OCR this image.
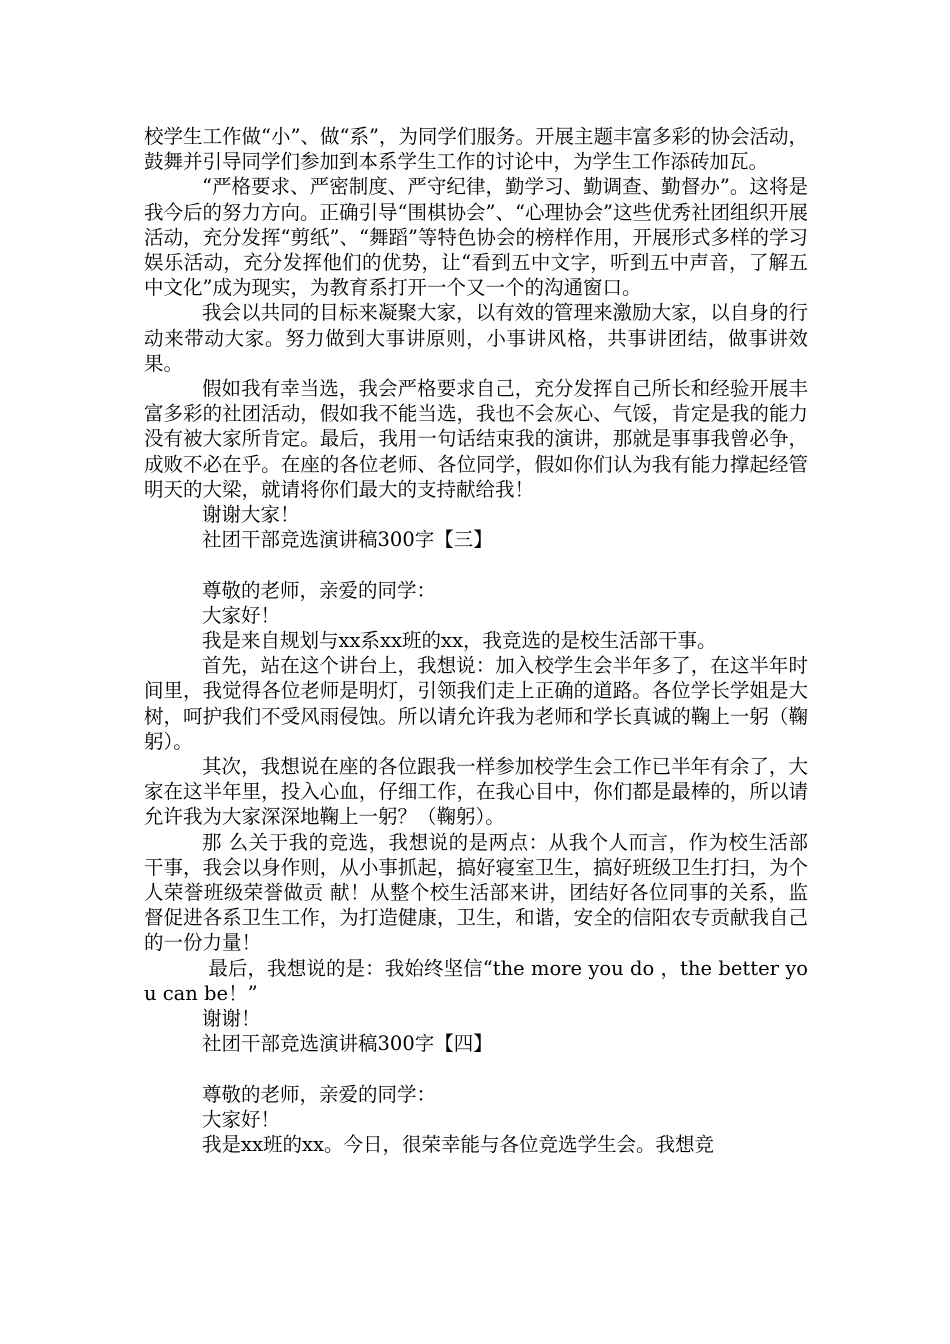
校学生工作做“小”、做“系”，为同学们服务。开展主题丰富多彩的协会活动，鼓舞并引导同学们参加到本系学生工作的讨论中，为学生工作添砖加瓦。

“严格要求、严密制度、严守纪律，勤学习、勤调查、勤督办”。这将是我今后的努力方向。正确引导“围棋协会”、“心理协会”这些优秀社团组织开展活动，充分发挥“剪纸”、“舞蹈”等特色协会的榜样作用，开展形式多样的学习娱乐活动，充分发挥他们的优势，让“看到五中文字，听到五中声音，了解五中文化”成为现实，为教育系打开一个又一个的沟通窗口。

我会以共同的目标来凝聚大家，以有效的管理来激励大家，以自身的行动来带动大家。努力做到大事讲原则，小事讲风格，共事讲团结，做事讲效果。

假如我有幸当选，我会严格要求自己，充分发挥自己所长和经验开展丰富多彩的社团活动，假如我不能当选，我也不会灰心、气馁，肯定是我的能力没有被大家所肯定。最后，我用一句话结束我的演讲，那就是事事我曾必争，成败不必在乎。在座的各位老师、各位同学，假如你们认为我有能力撑起经管明天的大梁，就请将你们最大的支持献给我！

谢谢大家！

社团干部竞选演讲稿300字【三】

尊敬的老师，亲爱的同学：

大家好！

我是来自规划与xx系xx班的xx，我竞选的是校生活部干事。

首先，站在这个讲台上，我想说：加入校学生会半年多了，在这半年时间里，我觉得各位老师是明灯，引领我们走上正确的道路。各位学长学姐是大树，呵护我们不受风雨侵蚀。所以请允许我为老师和学长真诚的鞠上一躬（鞠躬）。

其次，我想说在座的各位跟我一样参加校学生会工作已半年有余了，大家在这半年里，投入心血，仔细工作，在我心目中，你们都是最棒的，所以请允许我为大家深深地鞠上一躬？（鞠躬）。

那 么关于我的竞选，我想说的是两点：从我个人而言，作为校生活部干事，我会以身作则，从小事抓起，搞好寝室卫生，搞好班级卫生打扫，为个人荣誉班级荣誉做贡 献！从整个校生活部来讲，团结好各位同事的关系，监督促进各系卫生工作，为打造健康，卫生，和谐，安全的信阳农专贡献我自己的一份力量！

最后，我想说的是：我始终坚信“the more you do ，the better you can be！”

谢谢！

社团干部竞选演讲稿300字【四】

尊敬的老师，亲爱的同学：

大家好！

我是xx班的xx。今日，很荣幸能与各位竞选学生会。我想竞
